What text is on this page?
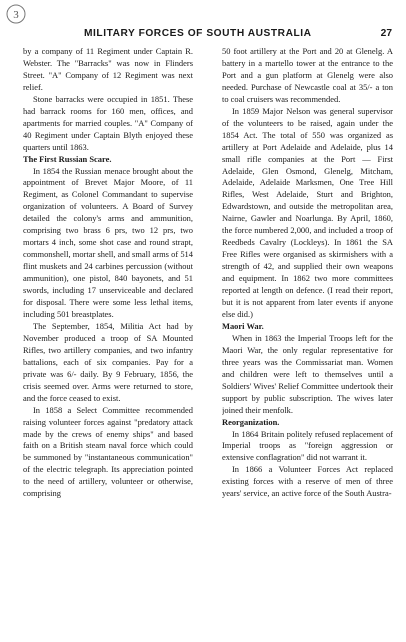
3
MILITARY FORCES OF SOUTH AUSTRALIA	27

by a company of 11 Regiment under Captain R. Webster. The "Barracks" was now in Flinders Street. "A" Company of 12 Regiment was next relief.

Stone barracks were occupied in 1851. These had barrack rooms for 160 men, offices, and apartments for married couples. "A" Company of 40 Regiment under Captain Blyth enjoyed these quarters until 1863.

The First Russian Scare.

In 1854 the Russian menace brought about the appointment of Brevet Major Moore, of 11 Regiment, as Colonel Commandant to supervise organization of volunteers. A Board of Survey detailed the colony's arms and ammunition, comprising two brass 6 prs, two 12 prs, two mortars 4 inch, some shot case and round strapt, commonshell, mortar shell, and small arms of 514 flint muskets and 24 carbines percussion (without ammunition), one pistol, 840 bayonets, and 51 swords, including 17 unserviceable and declared for disposal. There were some less lethal items, including 501 breastplates.

The September, 1854, Militia Act had by November produced a troop of SA Mounted Rifles, two artillery companies, and two infantry battalions, each of six companies. Pay for a private was 6/- daily. By 9 February, 1856, the crisis seemed over. Arms were returned to store, and the force ceased to exist.

In 1858 a Select Committee recommended raising volunteer forces against "predatory attack made by the crews of enemy ships" and based faith on a British steam naval force which could be summoned by "instantaneous communication" of the electric telegraph. Its appreciation pointed to the need of artillery, volunteer or otherwise, comprising

50 foot artillery at the Port and 20 at Glenelg. A battery in a martello tower at the entrance to the Port and a gun platform at Glenelg were also needed. Purchase of Newcastle coal at 35/- a ton to coal cruisers was recommended.

In 1859 Major Nelson was general supervisor of the volunteers to be raised, again under the 1854 Act. The total of 550 was organized as artillery at Port Adelaide and Adelaide, plus 14 small rifle companies at the Port — First Adelaide, Glen Osmond, Glenelg, Mitcham, Adelaide, Adelaide Marksmen, One Tree Hill Rifles, West Adelaide, Sturt and Brighton, Edwardstown, and outside the metropolitan area, Nairne, Gawler and Noarlunga. By April, 1860, the force numbered 2,000, and included a troop of Reedbeds Cavalry (Lockleys). In 1861 the SA Free Rifles were organised as skirmishers with a strength of 42, and supplied their own weapons and equipment. In 1862 two more committees reported at length on defence. (I read their report, but it is not apparent from later events if anyone else did.)

Maori War.

When in 1863 the Imperial Troops left for the Maori War, the only regular representative for three years was the Commissariat man. Women and children were left to themselves until a Soldiers' Wives' Relief Committee undertook their support by public subscription. The wives later joined their menfolk.

Reorganization.

In 1864 Britain politely refused replacement of Imperial troops as "foreign aggression or extensive conflagration" did not warrant it.

In 1866 a Volunteer Forces Act replaced existing forces with a reserve of men of three years' service, an active force of the South Austra-
